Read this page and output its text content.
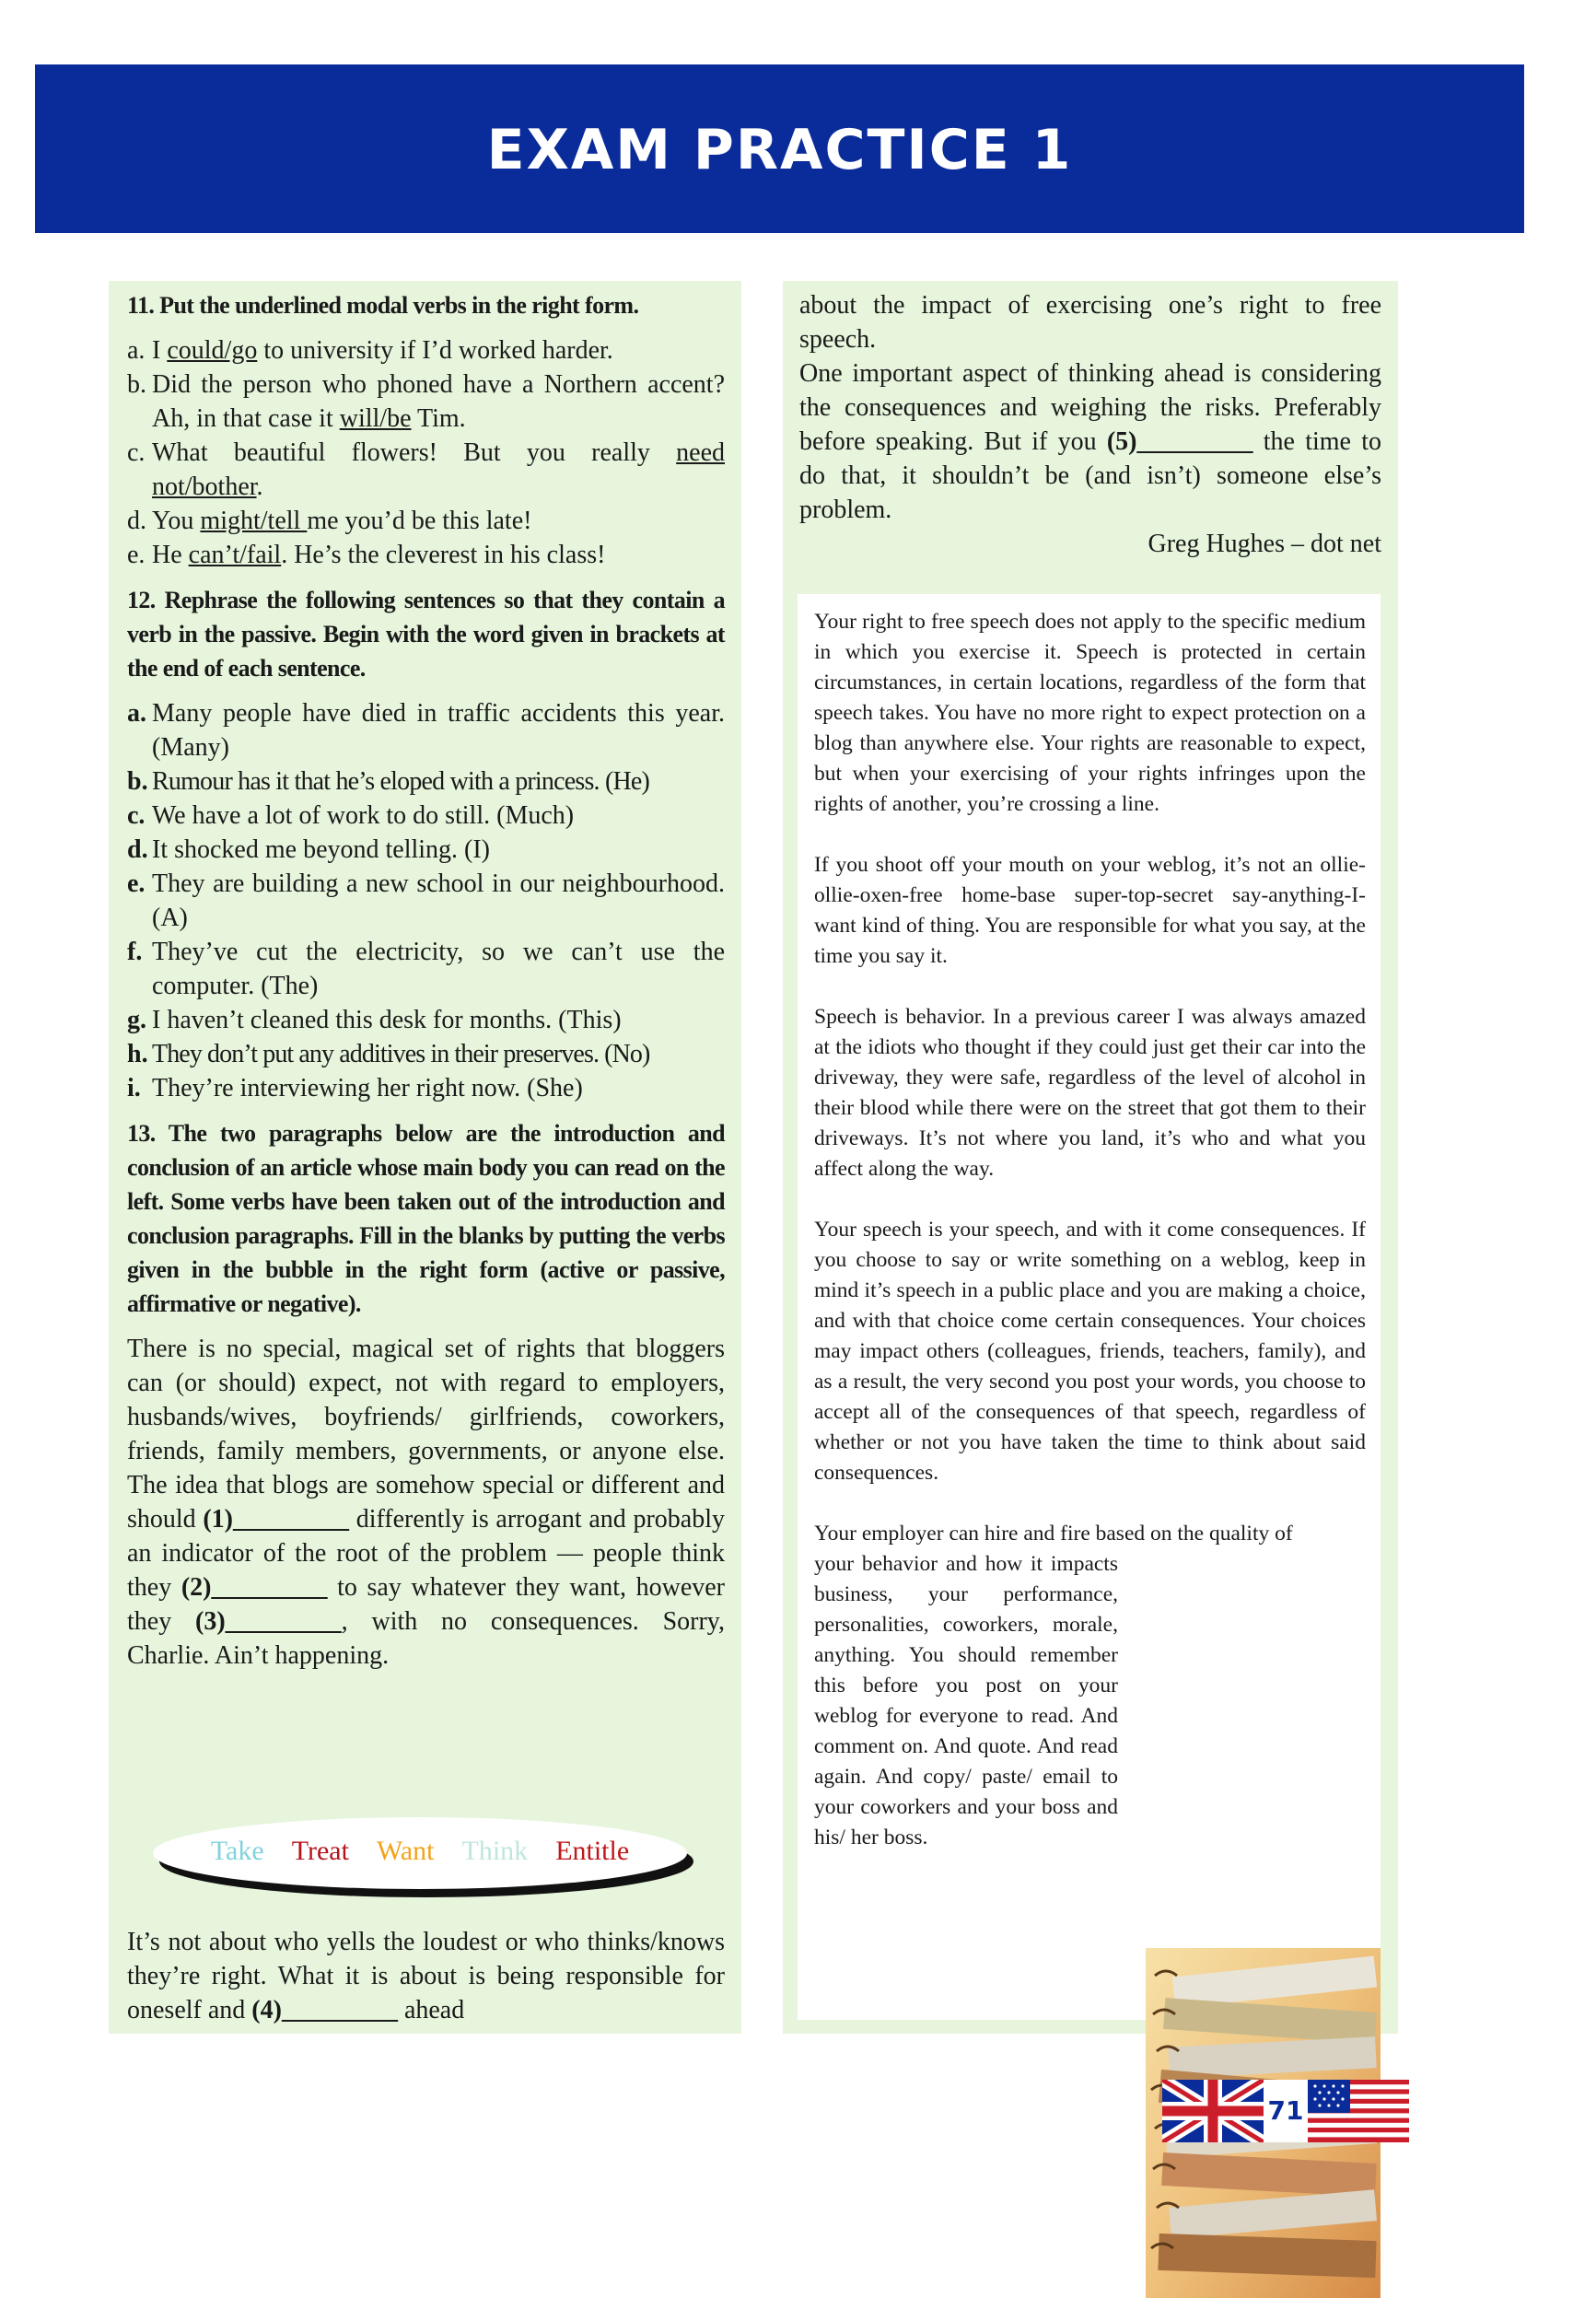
EXAM PRACTICE 1

11. Put the underlined modal verbs in the right form.

a. I could/go to university if I’d worked harder.
b. Did the person who phoned have a Northern accent? Ah, in that case it will/be Tim.
c. What beautiful flowers! But you really need not/bother.
d. You might/tell me you’d be this late!
e. He can’t/fail. He’s the cleverest in his class!

12. Rephrase the following sentences so that they contain a verb in the passive. Begin with the word given in brackets at the end of each sentence.

a. Many people have died in traffic accidents this year. (Many)
b. Rumour has it that he’s eloped with a princess. (He)
c. We have a lot of work to do still. (Much)
d. It shocked me beyond telling. (I)
e. They are building a new school in our neighbourhood. (A)
f. They’ve cut the electricity, so we can’t use the computer. (The)
g. I haven’t cleaned this desk for months. (This)
h. They don’t put any additives in their preserves. (No)
i. They’re interviewing her right now. (She)

13. The two paragraphs below are the introduction and conclusion of an article whose main body you can read on the left. Some verbs have been taken out of the introduction and conclusion paragraphs. Fill in the blanks by putting the verbs given in the bubble in the right form (active or passive, affirmative or negative).

There is no special, magical set of rights that bloggers can (or should) expect, not with regard to employers, husbands/wives, boyfriends/ girlfriends, coworkers, friends, family members, governments, or anyone else. The idea that blogs are somehow special or different and should (1)_________ differently is arrogant and probably an indicator of the root of the problem — people think they (2)_________ to say whatever they want, however they (3)_________, with no consequences. Sorry, Charlie. Ain’t happening.

Take Treat Want Think Entitle

It’s not about who yells the loudest or who thinks/knows they’re right. What it is about is being responsible for oneself and (4)_________ ahead

about the impact of exercising one’s right to free speech.

One important aspect of thinking ahead is considering the consequences and weighing the risks. Preferably before speaking. But if you (5)_________ the time to do that, it shouldn’t be (and isn’t) someone else’s problem.

Greg Hughes – dot net

Your right to free speech does not apply to the specific medium in which you exercise it. Speech is protected in certain circumstances, in certain locations, regardless of the form that speech takes. You have no more right to expect protection on a blog than anywhere else. Your rights are reasonable to expect, but when your exercising of your rights infringes upon the rights of another, you’re crossing a line.

If you shoot off your mouth on your weblog, it’s not an ollie-ollie-oxen-free home-base super-top-secret say-anything-I-want kind of thing. You are responsible for what you say, at the time you say it.

Speech is behavior. In a previous career I was always amazed at the idiots who thought if they could just get their car into the driveway, they were safe, regardless of the level of alcohol in their blood while there were on the street that got them to their driveways. It’s not where you land, it’s who and what you affect along the way.

Your speech is your speech, and with it come consequences. If you choose to say or write something on a weblog, keep in mind it’s speech in a public place and you are making a choice, and with that choice come certain consequences. Your choices may impact others (colleagues, friends, teachers, family), and as a result, the very second you post your words, you choose to accept all of the consequences of that speech, regardless of whether or not you have taken the time to think about said consequences.

Your employer can hire and fire based on the quality of
your behavior and how it impacts business, your performance, personalities, coworkers, morale, anything. You should remember this before you post on your weblog for everyone to read. And comment on. And quote. And read again. And copy/ paste/ email to your coworkers and your boss and his/ her boss.

71
